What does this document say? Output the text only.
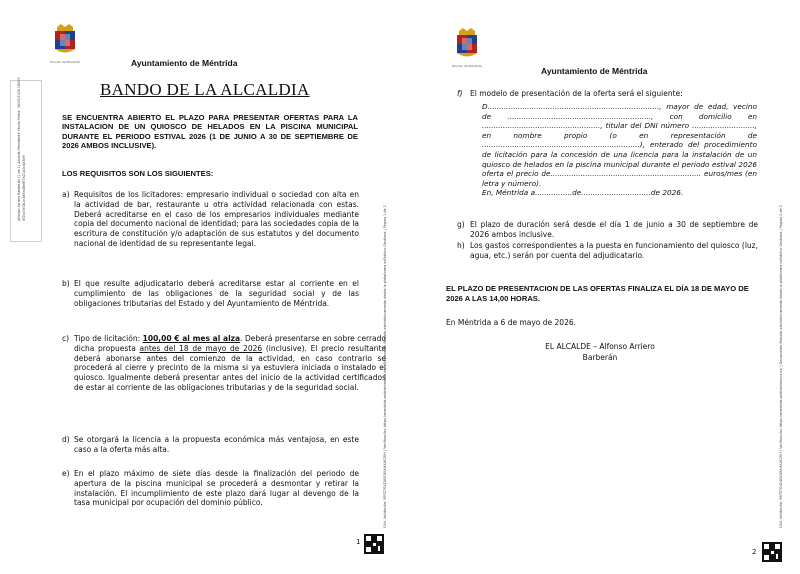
Escudo de Méntrida	Ayuntamiento de Méntrida
BANDO DE LA ALCALDIA
Alfonso Arriero Barberán (1 de 1) Alcalde-Presidente Fecha Firma: 06/05/2026 HASH: 5f2ca7e0b1c3d9a48e6f7a21b0c4d3e9
SE ENCUENTRA ABIERTO EL PLAZO PARA PRESENTAR OFERTAS PARA LA INSTALACION DE UN QUIOSCO DE HELADOS EN LA PISCINA MUNICIPAL DURANTE EL PERIODO ESTIVAL 2026 (1 DE JUNIO A 30 DE SEPTIEMBRE DE 2026 AMBOS INCLUSIVE).
LOS REQUISITOS SON LOS SIGUIENTES:
a) Requisitos de los licitadores: empresario individual o sociedad con alta en la actividad de bar, restaurante u otra actividad relacionada con estas. Deberá acreditarse en el caso de los empresarios individuales mediante copia del documento nacional de identidad; para las sociedades copia de la escritura de constitución y/o adaptación de sus estatutos y del documento nacional de identidad de su representante legal.
b) El que resulte adjudicatario deberá acreditarse estar al corriente en el cumplimiento de las obligaciones de la seguridad social y de las obligaciones tributarias del Estado y del Ayuntamiento de Méntrida.
c) Tipo de licitación: 100,00 € al mes al alza. Deberá presentarse en sobre cerrado dicha propuesta antes del 18 de mayo de 2026 (inclusive). El precio resultante deberá abonarse antes del comienzo de la actividad, en caso contrario se procederá al cierre y precinto de la misma si ya estuviera iniciada o instalado el quiosco. Igualmente deberá presentar antes del inicio de la actividad certificados de estar al corriente de las obligaciones tributarias y de la seguridad social.
d) Se otorgará la licencia a la propuesta económica más ventajosa, en este caso a la oferta más alta.
e) En el plazo máximo de siete días desde la finalización del periodo de apertura de la piscina municipal se procederá a desmontar y retirar la instalación. El incumplimiento de este plazo dará lugar al devengo de la tasa municipal por ocupación del dominio público.	Cód. Validación: 99PZ7EXZ4GC6RAHXAY2RH | Verificación: https://mentrida.sedelectronica.es/ | Documento firmado electrónicamente desde la plataforma esPublico Gestiona | Página 1 de 2
1
Escudo de Méntrida	Ayuntamiento de Méntrida
f) El modelo de presentación de la oferta será el siguiente:
D.........................................................................., mayor de edad, vecino de .............................................................., con domicilio en ..................................................., titular del DNI número ..........................., en nombre propio (o en representación de ....................................................................), enterado del procedimiento de licitación para la concesión de una licencia para la instalación de un quiosco de helados en la piscina municipal durante el periodo estival 2026 oferta el precio de................................................................. euros/mes (en letra y número).
En, Méntrida a................de..............................de 2026.
g) El plazo de duración será desde el día 1 de junio a 30 de septiembre de 2026 ambos inclusive.
h) Los gastos correspondientes a la puesta en funcionamiento del quiosco (luz, agua, etc.) serán por cuenta del adjudicatario.
EL PLAZO DE PRESENTACION DE LAS OFERTAS FINALIZA EL DÍA 18 DE MAYO DE 2026 A LAS 14,00 HORAS.
En Méntrida a 6 de mayo de 2026.
EL ALCALDE – Alfonso Arriero
Barberán	Cód. Validación: 99PZ7EXZ4GC6RAHXAY2RH | Verificación: https://mentrida.sedelectronica.es/ | Documento firmado electrónicamente desde la plataforma esPublico Gestiona | Página 2 de 2
2
